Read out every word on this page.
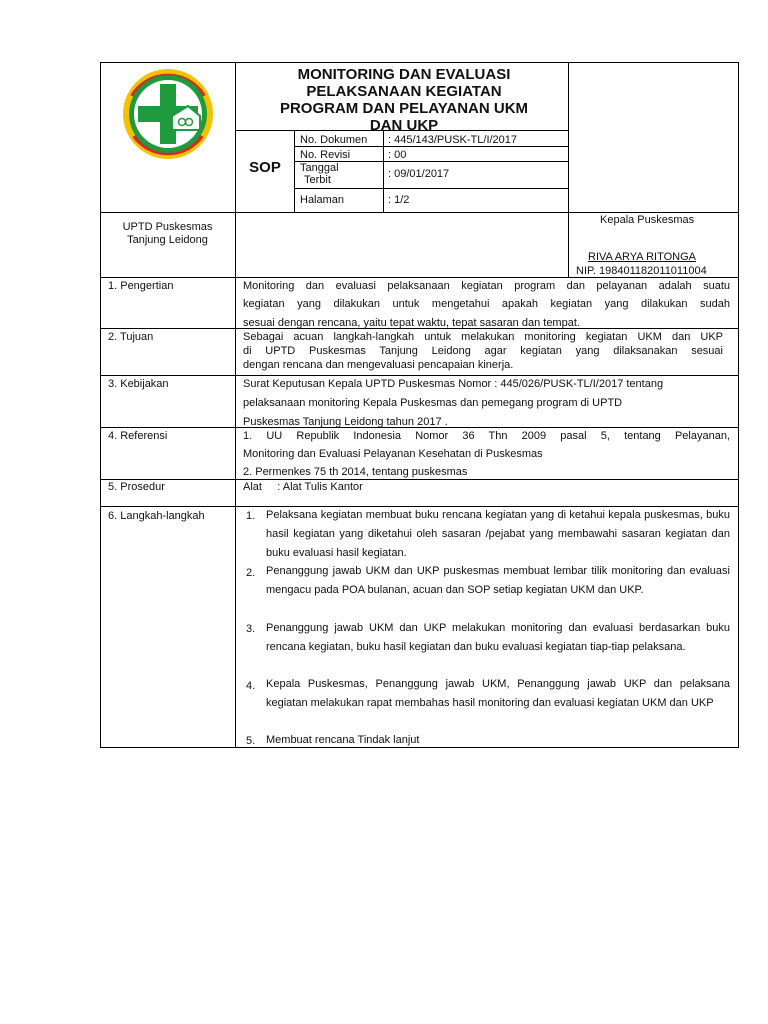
MONITORING DAN EVALUASI
PELAKSANAAN KEGIATAN
PROGRAM DAN PELAYANAN UKM
DAN UKP
SOP
No. Dokumen : 445/143/PUSK-TL/I/2017
No. Revisi	: 00
Tanggal
Terbit	: 09/01/2017
Halaman	: 1/2
UPTD Puskesmas
Tanjung Leidong
Kepala Puskesmas
RIVA ARYA RITONGA
NIP. 198401182011011004
1. Pengertian	Monitoring dan evaluasi pelaksanaan kegiatan program dan pelayanan adalah suatu
kegiatan yang dilakukan untuk mengetahui apakah kegiatan yang dilakukan sudah
sesuai dengan rencana, yaitu tepat waktu, tepat sasaran dan tempat.
2. Tujuan	Sebagai acuan langkah-langkah untuk melakukan monitoring kegiatan UKM dan UKP
di UPTD Puskesmas Tanjung Leidong agar kegiatan yang dilaksanakan sesuai
dengan rencana dan mengevaluasi pencapaian kinerja.
3. Kebijakan	Surat Keputusan Kepala UPTD Puskesmas Nomor : 445/026/PUSK-TL/I/2017 tentang
pelaksanaan monitoring Kepala Puskesmas dan pemegang program di UPTD
Puskesmas Tanjung Leidong tahun 2017 .
4. Referensi	1. UU Republik Indonesia Nomor 36 Thn 2009 pasal 5, tentang Pelayanan,
Monitoring dan Evaluasi Pelayanan Kesehatan di Puskesmas
2. Permenkes 75 th 2014, tentang puskesmas
5. Prosedur	Alat     : Alat Tulis Kantor
6. Langkah-langkah	1. Pelaksana kegiatan membuat buku rencana kegiatan yang di ketahui kepala puskesmas, buku hasil kegiatan yang diketahui oleh sasaran /pejabat yang membawahi sasaran kegiatan dan buku evaluasi hasil kegiatan.
2. Penanggung jawab UKM dan UKP puskesmas membuat lembar tilik monitoring dan evaluasi mengacu pada POA bulanan, acuan dan SOP setiap kegiatan UKM dan UKP.
3. Penanggung jawab UKM dan UKP melakukan monitoring dan evaluasi berdasarkan buku rencana kegiatan, buku hasil kegiatan dan buku evaluasi kegiatan tiap-tiap pelaksana.
4. Kepala Puskesmas, Penanggung jawab UKM, Penanggung jawab UKP dan pelaksana kegiatan melakukan rapat membahas hasil monitoring dan evaluasi kegiatan UKM dan UKP
5. Membuat rencana Tindak lanjut
